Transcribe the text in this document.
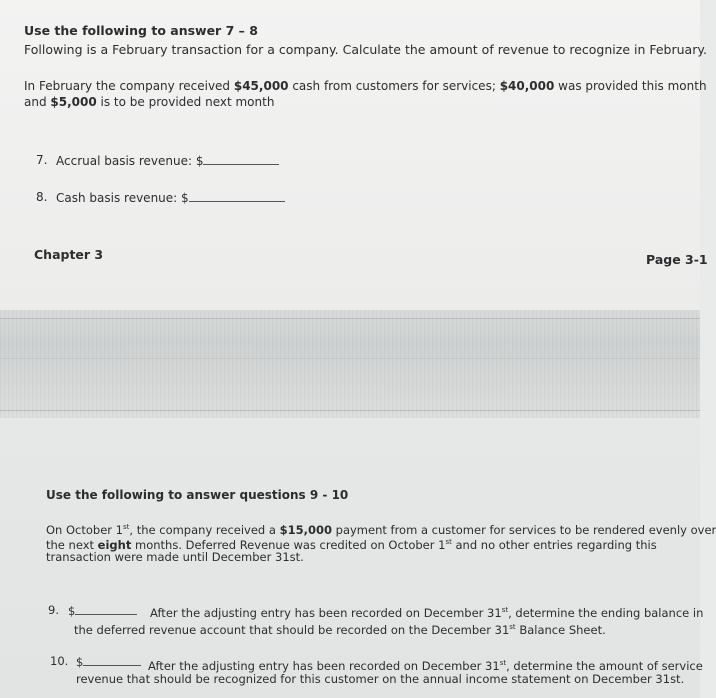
Use the following to answer 7 – 8
Following is a February transaction for a company. Calculate the amount of revenue to recognize in February.
In February the company received $45,000 cash from customers for services; $40,000 was provided this month
and $5,000 is to be provided next month
7. Accrual basis revenue: $
8. Cash basis revenue: $
Chapter 3	Page 3-1
Use the following to answer questions 9 - 10
On October 1st, the company received a $15,000 payment from a customer for services to be rendered evenly over
the next eight months. Deferred Revenue was credited on October 1st and no other entries regarding this
transaction were made until December 31st.
9. $	After the adjusting entry has been recorded on December 31st, determine the ending balance in
the deferred revenue account that should be recorded on the December 31st Balance Sheet.
10. $	After the adjusting entry has been recorded on December 31st, determine the amount of service
revenue that should be recognized for this customer on the annual income statement on December 31st.
